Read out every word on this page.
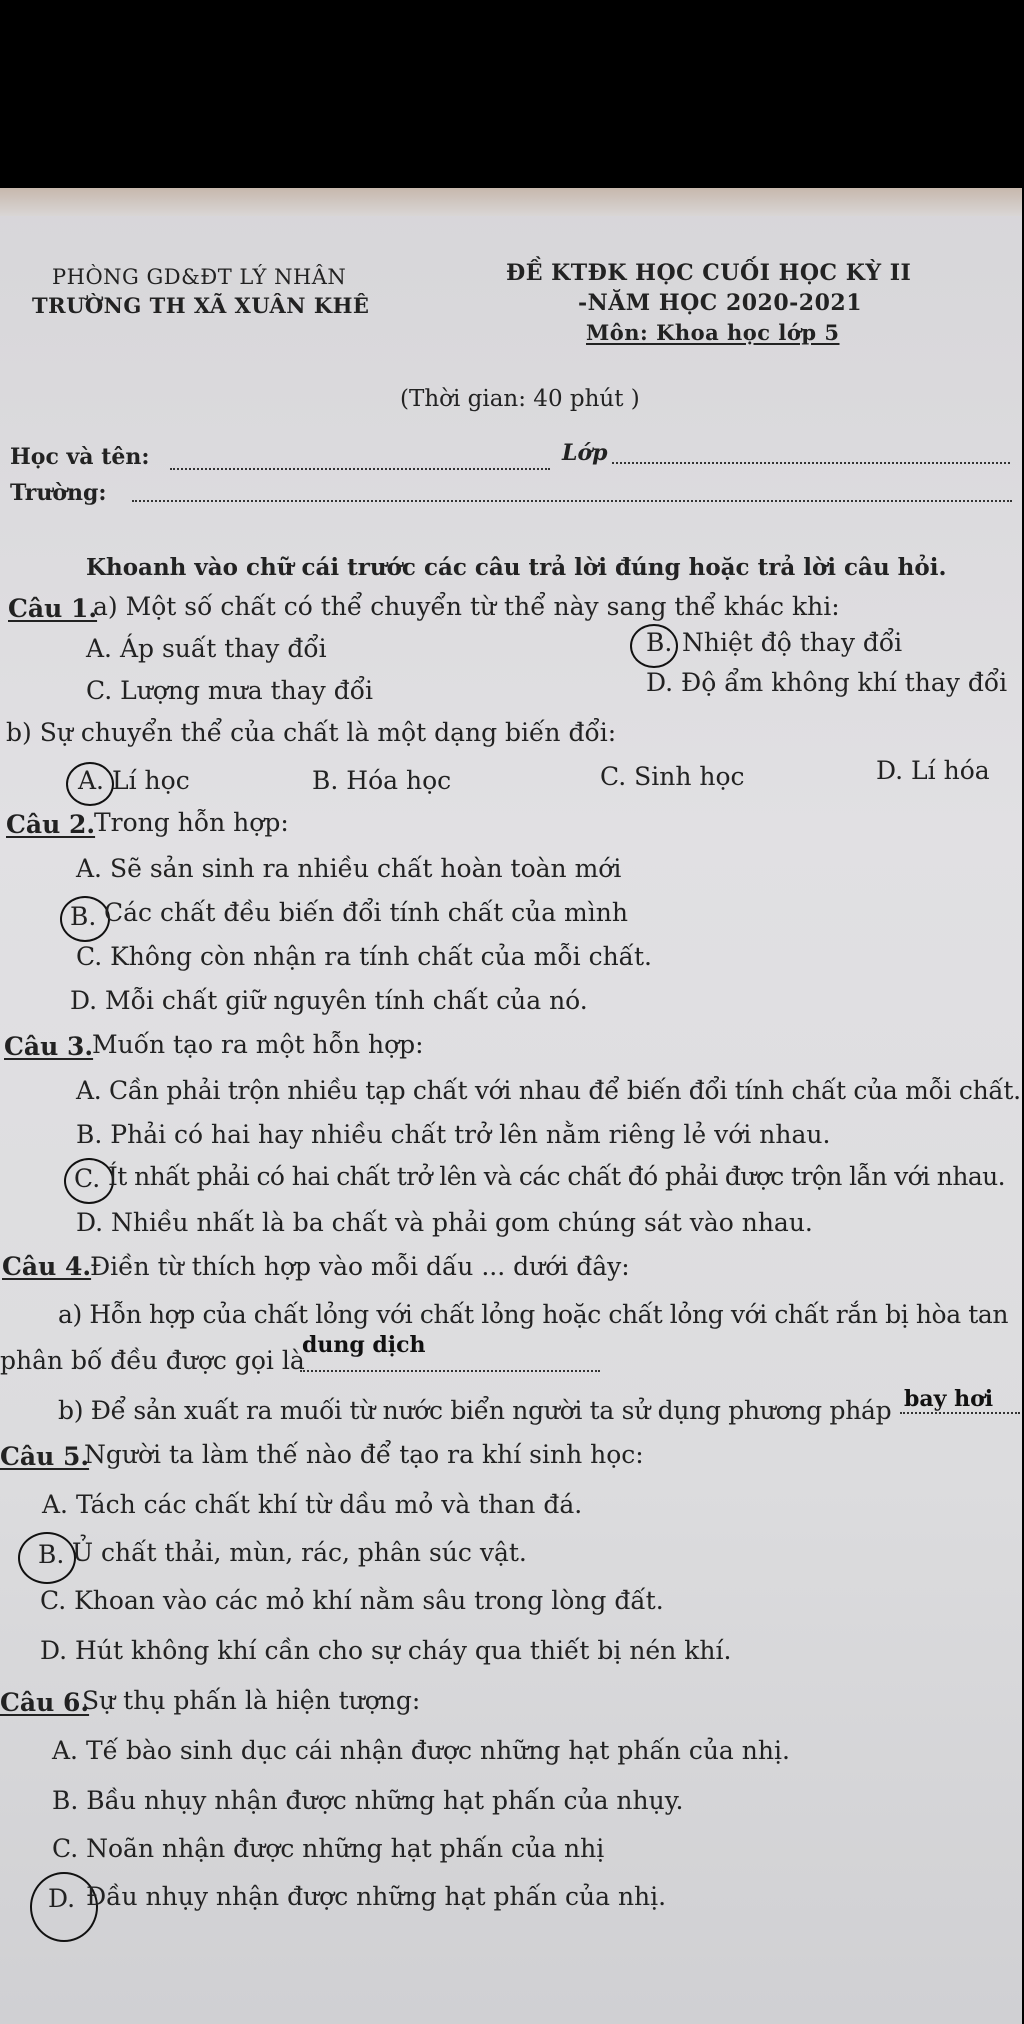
PHÒNG GD&ĐT LÝ NHÂN
TRƯỜNG TH XÃ XUÂN KHÊ
ĐỀ KTĐK HỌC CUỐI HỌC KỲ II
-NĂM HỌC 2020-2021
Môn: Khoa học lớp 5
(Thời gian: 40 phút )
Học và tên:	Lớp
Trường:
Khoanh vào chữ cái trước các câu trả lời đúng hoặc trả lời câu hỏi.
Câu 1.
a) Một số chất có thể chuyển từ thể này sang thể khác khi:
A. Áp suất thay đổi	B. Nhiệt độ thay đổi
C. Lượng mưa thay đổi	D. Độ ẩm không khí thay đổi
b) Sự chuyển thể của chất là một dạng biến đổi:
A. Lí học	B. Hóa học	C. Sinh học	D. Lí hóa
Câu 2.
Trong hỗn hợp:
A. Sẽ sản sinh ra nhiều chất hoàn toàn mới
B. Các chất đều biến đổi tính chất của mình
C. Không còn nhận ra tính chất của mỗi chất.
D. Mỗi chất giữ nguyên tính chất của nó.
Câu 3.
Muốn tạo ra một hỗn hợp:
A. Cần phải trộn nhiều tạp chất với nhau để biến đổi tính chất của mỗi chất.
B. Phải có hai hay nhiều chất trở lên nằm riêng lẻ với nhau.
C. Ít nhất phải có hai chất trở lên và các chất đó phải được trộn lẫn với nhau.
D. Nhiều nhất là ba chất và phải gom chúng sát vào nhau.
Câu 4.
Điền từ thích hợp vào mỗi dấu ... dưới đây:
a) Hỗn hợp của chất lỏng với chất lỏng hoặc chất lỏng với chất rắn bị hòa tan
phân bố đều được gọi là
dung dịch
b) Để sản xuất ra muối từ nước biển người ta sử dụng phương pháp bay hơi
Câu 5.
Người ta làm thế nào để tạo ra khí sinh học:
A. Tách các chất khí từ dầu mỏ và than đá.
B. Ủ chất thải, mùn, rác, phân súc vật.
C. Khoan vào các mỏ khí nằm sâu trong lòng đất.
D. Hút không khí cần cho sự cháy qua thiết bị nén khí.
Câu 6.
Sự thụ phấn là hiện tượng:
A. Tế bào sinh dục cái nhận được những hạt phấn của nhị.
B. Bầu nhụy nhận được những hạt phấn của nhụy.
C. Noãn nhận được những hạt phấn của nhị
D. Đầu nhụy nhận được những hạt phấn của nhị.
